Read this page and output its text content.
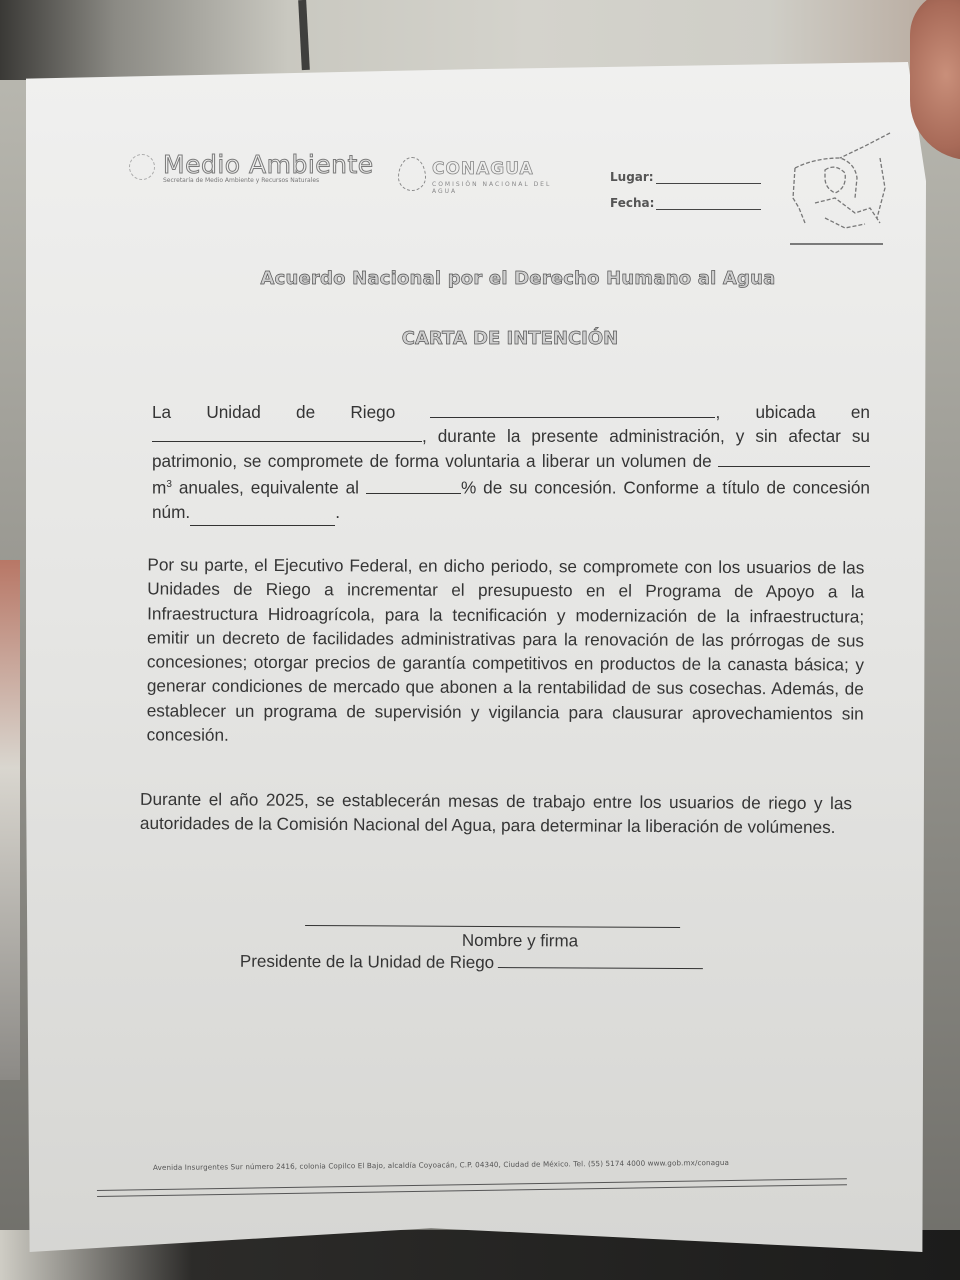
Medio Ambiente
Secretaría de Medio Ambiente y Recursos Naturales
CONAGUA
COMISIÓN NACIONAL DEL AGUA
Lugar:
Fecha:
Acuerdo Nacional por el Derecho Humano al Agua
CARTA DE INTENCIÓN
La Unidad de Riego	, ubicada en , durante la presente administración, y sin afectar su patrimonio, se compromete de forma voluntaria a liberar un volumen de $m^3$ anuales, equivalente al	% de su concesión. Conforme a título de concesión núm.	.
Por su parte, el Ejecutivo Federal, en dicho periodo, se compromete con los usuarios de las Unidades de Riego a incrementar el presupuesto en el Programa de Apoyo a la Infraestructura Hidroagrícola, para la tecnificación y modernización de la infraestructura; emitir un decreto de facilidades administrativas para la renovación de las prórrogas de sus concesiones; otorgar precios de garantía competitivos en productos de la canasta básica; y generar condiciones de mercado que abonen a la rentabilidad de sus cosechas. Además, de establecer un programa de supervisión y vigilancia para clausurar aprovechamientos sin concesión.
Durante el año 2025, se establecerán mesas de trabajo entre los usuarios de riego y las autoridades de la Comisión Nacional del Agua, para determinar la liberación de volúmenes.
Nombre y firma
Presidente de la Unidad de Riego
Avenida Insurgentes Sur número 2416, colonia Copilco El Bajo, alcaldía Coyoacán, C.P. 04340, Ciudad de México. Tel. (55) 5174 4000 www.gob.mx/conagua
